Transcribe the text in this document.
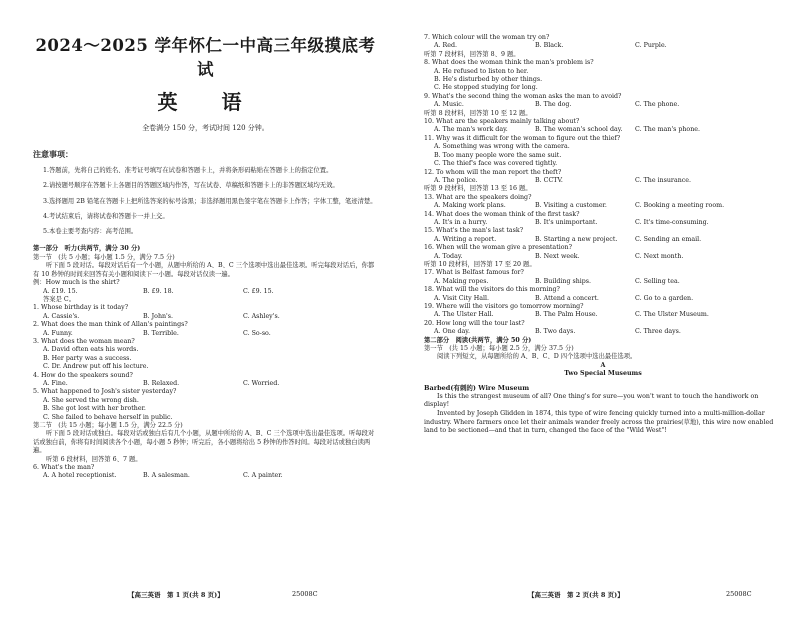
2024～2025 学年怀仁一中高三年级摸底考试
英　语
全卷满分 150 分，考试时间 120 分钟。
注意事项：
1.答题前，先将自己的姓名、准考证号填写在试卷和答题卡上，并将条形码粘贴在答题卡上的指定位置。
2.请按题号顺序在答题卡上各题目的答题区域内作答，写在试卷、草稿纸和答题卡上的非答题区域均无效。
3.选择题用 2B 铅笔在答题卡上把所选答案的标号涂黑；非选择题用黑色签字笔在答题卡上作答；字体工整，笔迹清楚。
4.考试结束后，请将试卷和答题卡一并上交。
5.本卷主要考查内容：高考范围。
第一部分　听力(共两节，满分 30 分)
第一节　(共 5 小题；每小题 1.5 分，满分 7.5 分)
听下面 5 段对话。每段对话后有一个小题，从题中所给的 A、B、C 三个选项中选出最佳选项。听完每段对话后，你都有 10 秒钟的时间来回答有关小题和阅读下一小题。每段对话仅读一遍。
例：How much is the shirt?
A. £19. 15.	B. £9. 18.	C. £9. 15.
答案是 C。
1. Whose birthday is it today?
A. Cassie's.	B. John's.	C. Ashley's.
2. What does the man think of Allan's paintings?
A. Funny.	B. Terrible.	C. So-so.
3. What does the woman mean?
A. David often eats his words.
B. Her party was a success.
C. Dr. Andrew put off his lecture.
4. How do the speakers sound?
A. Fine.	B. Relaxed.	C. Worried.
5. What happened to Josh's sister yesterday?
A. She served the wrong dish.
B. She got lost with her brother.
C. She failed to behave herself in public.
第二节　(共 15 小题；每小题 1.5 分，满分 22.5 分)
听下面 5 段对话或独白。每段对话或独白后有几个小题，从题中所给的 A、B、C 三个选项中选出最佳选项。听每段对话或独白前，你将有时间阅读各个小题，每小题 5 秒钟；听完后，各小题将给出 5 秒钟的作答时间。每段对话或独白读两遍。
听第 6 段材料，回答第 6、7 题。
6. What's the man?
A. A hotel receptionist.	B. A salesman.	C. A painter.
【高三英语　第 1 页(共 8 页)】	25008C
7. Which colour will the woman try on?
A. Red.	B. Black.	C. Purple.
听第 7 段材料，回答第 8、9 题。
8. What does the woman think the man's problem is?
A. He refused to listen to her.
B. He's disturbed by other things.
C. He stopped studying for long.
9. What's the second thing the woman asks the man to avoid?
A. Music.	B. The dog.	C. The phone.
听第 8 段材料，回答第 10 至 12 题。
10. What are the speakers mainly talking about?
A. The man's work day.	B. The woman's school day.	C. The man's phone.
11. Why was it difficult for the woman to figure out the thief?
A. Something was wrong with the camera.
B. Too many people wore the same suit.
C. The thief's face was covered tightly.
12. To whom will the man report the theft?
A. The police.	B. CCTV.	C. The insurance.
听第 9 段材料，回答第 13 至 16 题。
13. What are the speakers doing?
A. Making work plans.	B. Visiting a customer.	C. Booking a meeting room.
14. What does the woman think of the first task?
A. It's in a hurry.	B. It's unimportant.	C. It's time-consuming.
15. What's the man's last task?
A. Writing a report.	B. Starting a new project.	C. Sending an email.
16. When will the woman give a presentation?
A. Today.	B. Next week.	C. Next month.
听第 10 段材料，回答第 17 至 20 题。
17. What is Belfast famous for?
A. Making ropes.	B. Building ships.	C. Selling tea.
18. What will the visitors do this morning?
A. Visit City Hall.	B. Attend a concert.	C. Go to a garden.
19. Where will the visitors go tomorrow morning?
A. The Ulster Hall.	B. The Palm House.	C. The Ulster Museum.
20. How long will the tour last?
A. One day.	B. Two days.	C. Three days.
第二部分　阅读(共两节，满分 50 分)
第一节　(共 15 小题；每小题 2.5 分，满分 37.5 分)
阅读下列短文，从每题所给的 A、B、C、D 四个选项中选出最佳选项。
A
Two Special Museums
Barbed(有刺的) Wire Museum
Is this the strangest museum of all? One thing's for sure—you won't want to touch the handiwork on display!
Invented by Joseph Glidden in 1874, this type of wire fencing quickly turned into a multi-million-dollar industry. Where farmers once let their animals wander freely across the prairies(草地), this wire now enabled land to be sectioned—and that in turn, changed the face of the "Wild West"!
【高三英语　第 2 页(共 8 页)】	25008C
